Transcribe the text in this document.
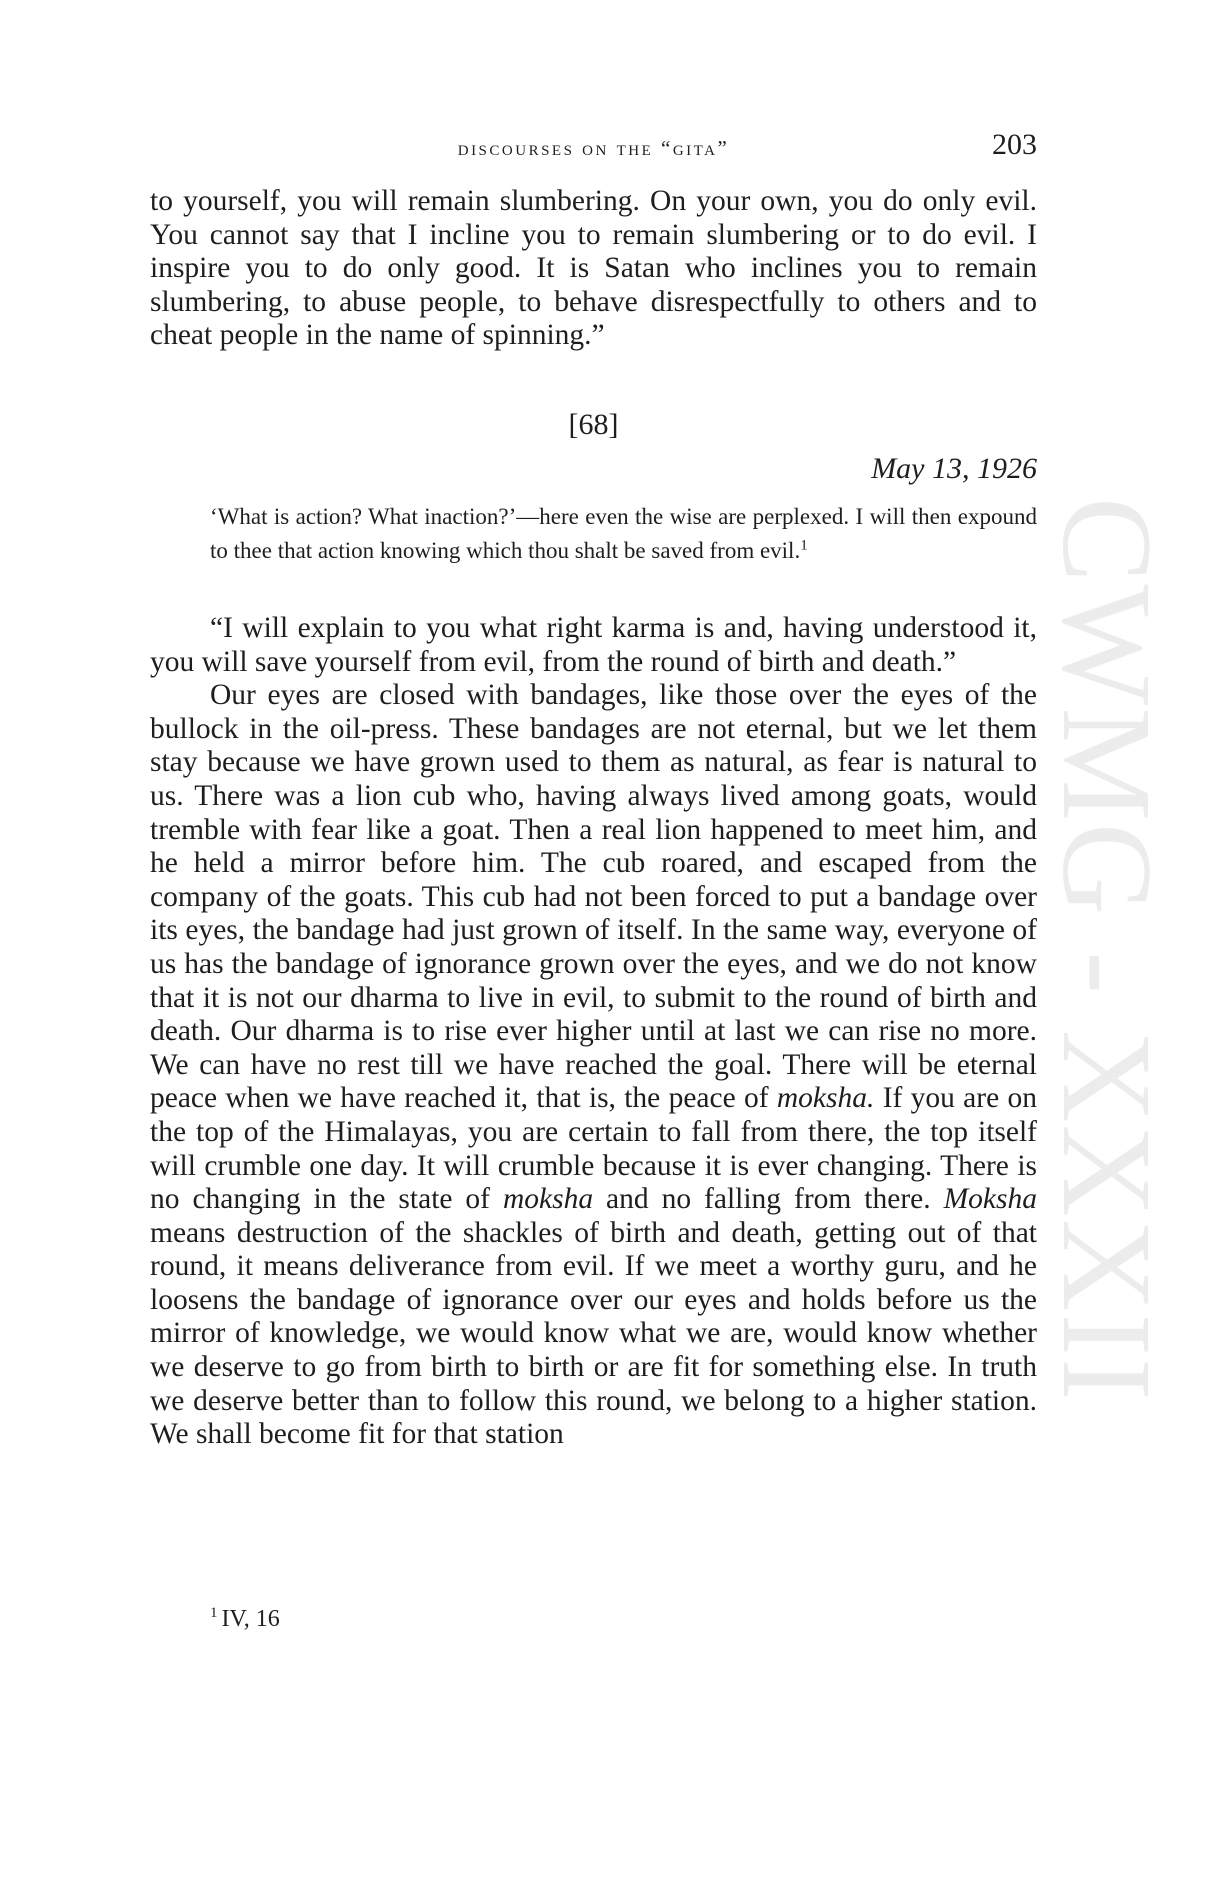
CWMG - XXXII
discourses on the “gita”	203

to yourself, you will remain slumbering. On your own, you do only evil. You cannot say that I incline you to remain slumbering or to do evil. I inspire you to do only good. It is Satan who inclines you to remain slumbering, to abuse people, to behave disrespectfully to others and to cheat people in the name of spinning.”

[68]
May 13, 1926

‘What is action? What inaction?’—here even the wise are perplexed. I will then expound to thee that action knowing which thou shalt be saved from evil.$^1$

“I will explain to you what right karma is and, having understood it, you will save yourself from evil, from the round of birth and death.”

Our eyes are closed with bandages, like those over the eyes of the bullock in the oil-press. These bandages are not eternal, but we let them stay because we have grown used to them as natural, as fear is natural to us. There was a lion cub who, having always lived among goats, would tremble with fear like a goat. Then a real lion happened to meet him, and he held a mirror before him. The cub roared, and escaped from the company of the goats. This cub had not been forced to put a bandage over its eyes, the bandage had just grown of itself. In the same way, everyone of us has the bandage of ignorance grown over the eyes, and we do not know that it is not our dharma to live in evil, to submit to the round of birth and death. Our dharma is to rise ever higher until at last we can rise no more. We can have no rest till we have reached the goal. There will be eternal peace when we have reached it, that is, the peace of moksha. If you are on the top of the Himalayas, you are certain to fall from there, the top itself will crumble one day. It will crumble because it is ever changing. There is no changing in the state of moksha and no falling from there. Moksha means destruction of the shackles of birth and death, getting out of that round, it means deliverance from evil. If we meet a worthy guru, and he loosens the bandage of ignorance over our eyes and holds before us the mirror of knowledge, we would know what we are, would know whether we deserve to go from birth to birth or are fit for something else. In truth we deserve better than to follow this round, we belong to a higher station. We shall become fit for that station

$^1$ IV, 16
